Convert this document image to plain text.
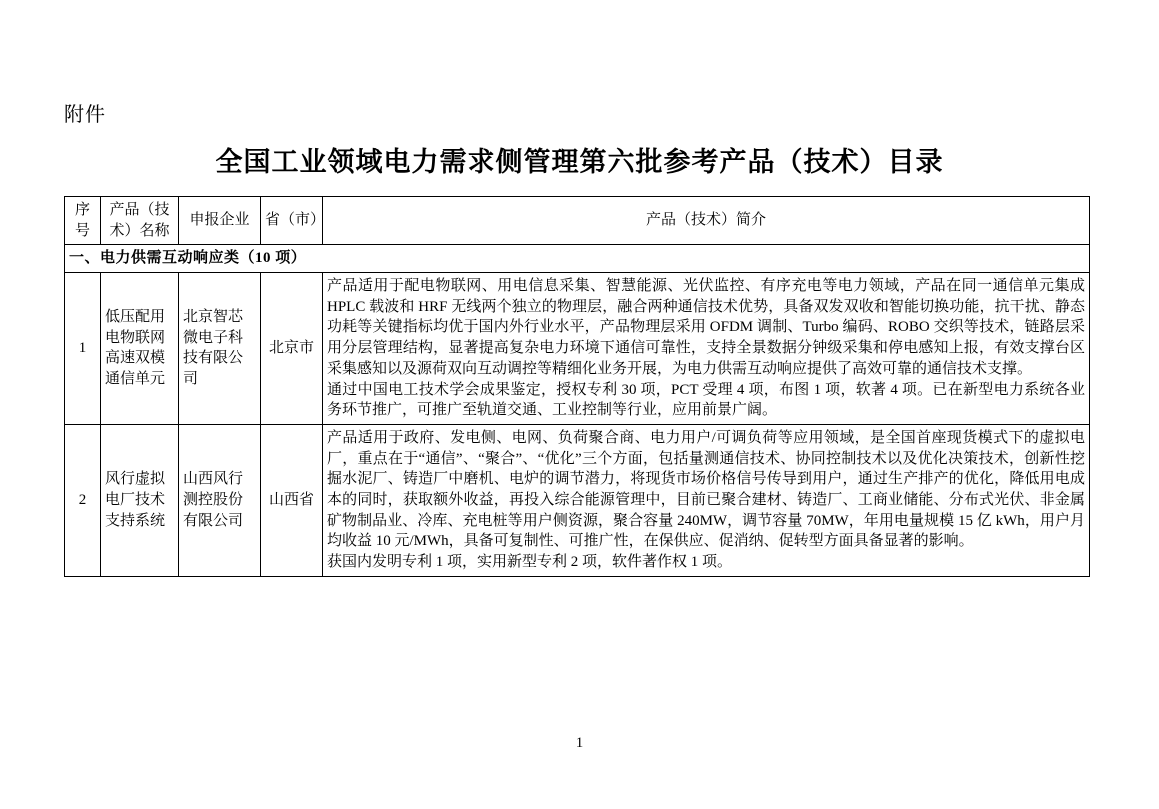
附件
全国工业领域电力需求侧管理第六批参考产品（技术）目录
序号	产品（技术）名称	申报企业	省（市）	产品（技术）简介
一、电力供需互动响应类（10 项）				
1	低压配用电物联网高速双模通信单元	北京智芯微电子科技有限公司	北京市	产品适用于配电物联网、用电信息采集、智慧能源、光伏监控、有序充电等电力领域，产品在同一通信单元集成 HPLC 载波和 HRF 无线两个独立的物理层，融合两种通信技术优势，具备双发双收和智能切换功能，抗干扰、静态功耗等关键指标均优于国内外行业水平，产品物理层采用 OFDM 调制、Turbo 编码、ROBO 交织等技术，链路层采用分层管理结构，显著提高复杂电力环境下通信可靠性，支持全景数据分钟级采集和停电感知上报，有效支撑台区采集感知以及源荷双向互动调控等精细化业务开展，为电力供需互动响应提供了高效可靠的通信技术支撑。

通过中国电工技术学会成果鉴定，授权专利 30 项，PCT 受理 4 项，布图 1 项，软著 4 项。已在新型电力系统各业务环节推广，可推广至轨道交通、工业控制等行业，应用前景广阔。

2	风行虚拟电厂技术支持系统	山西风行测控股份有限公司	山西省	产品适用于政府、发电侧、电网、负荷聚合商、电力用户/可调负荷等应用领域，是全国首座现货模式下的虚拟电厂，重点在于“通信”、“聚合”、“优化”三个方面，包括量测通信技术、协同控制技术以及优化决策技术，创新性挖掘水泥厂、铸造厂中磨机、电炉的调节潜力，将现货市场价格信号传导到用户，通过生产排产的优化，降低用电成本的同时，获取额外收益，再投入综合能源管理中，目前已聚合建材、铸造厂、工商业储能、分布式光伏、非金属矿物制品业、冷库、充电桩等用户侧资源，聚合容量 240MW，调节容量 70MW，年用电量规模 15 亿 kWh，用户月均收益 10 元/MWh，具备可复制性、可推广性，在保供应、促消纳、促转型方面具备显著的影响。

获国内发明专利 1 项，实用新型专利 2 项，软件著作权 1 项。

1
